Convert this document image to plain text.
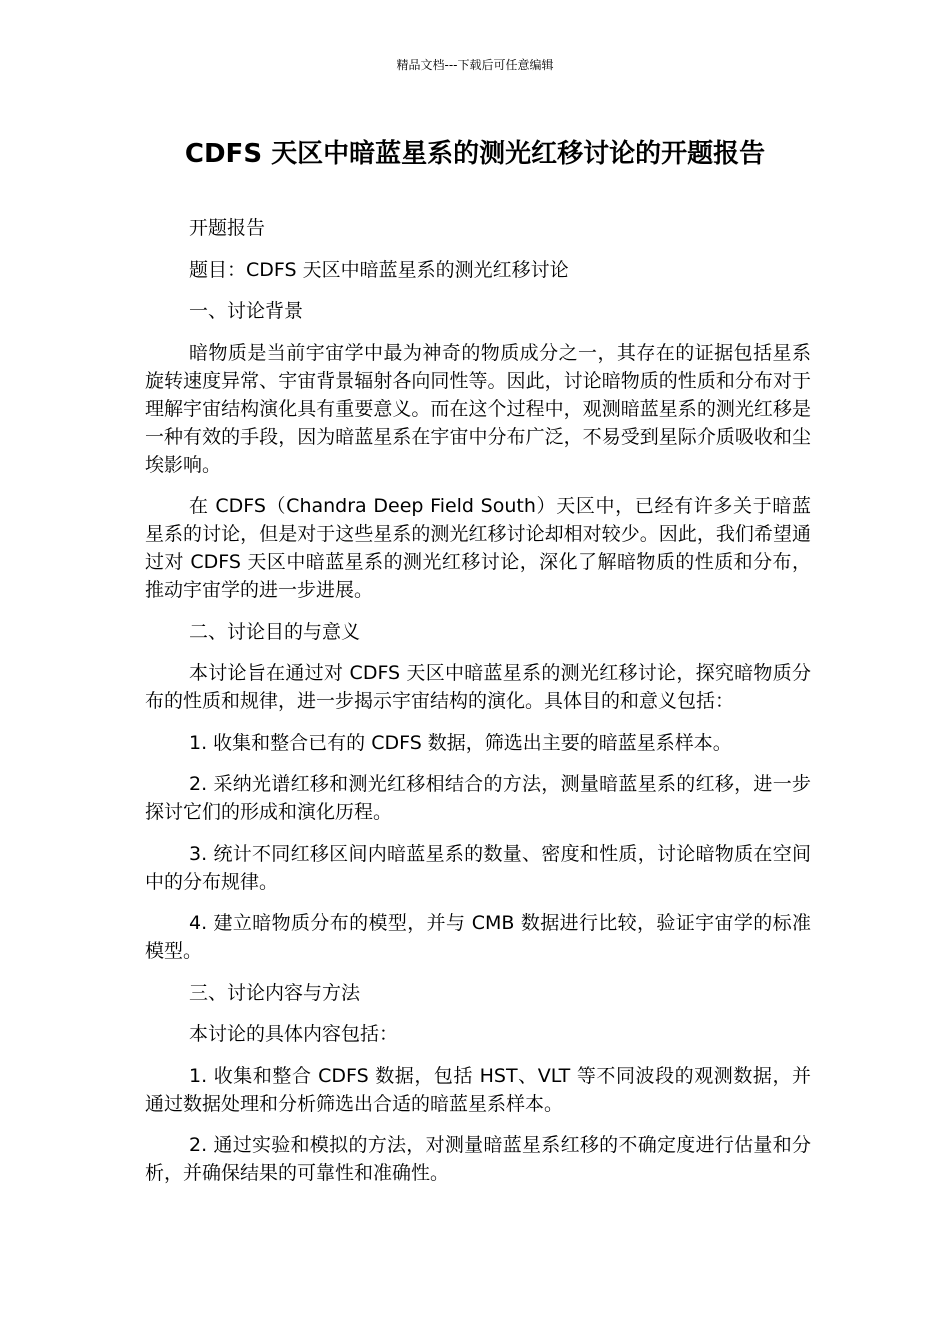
精品文档---下载后可任意编辑
CDFS 天区中暗蓝星系的测光红移讨论的开题报告

开题报告

题目：CDFS 天区中暗蓝星系的测光红移讨论

一、讨论背景

暗物质是当前宇宙学中最为神奇的物质成分之一，其存在的证据包括星系旋转速度异常、宇宙背景辐射各向同性等。因此，讨论暗物质的性质和分布对于理解宇宙结构演化具有重要意义。而在这个过程中，观测暗蓝星系的测光红移是一种有效的手段，因为暗蓝星系在宇宙中分布广泛，不易受到星际介质吸收和尘埃影响。

在 CDFS（Chandra Deep Field South）天区中，已经有许多关于暗蓝星系的讨论，但是对于这些星系的测光红移讨论却相对较少。因此，我们希望通过对 CDFS 天区中暗蓝星系的测光红移讨论，深化了解暗物质的性质和分布，推动宇宙学的进一步进展。

二、讨论目的与意义

本讨论旨在通过对 CDFS 天区中暗蓝星系的测光红移讨论，探究暗物质分布的性质和规律，进一步揭示宇宙结构的演化。具体目的和意义包括：

1. 收集和整合已有的 CDFS 数据，筛选出主要的暗蓝星系样本。

2. 采纳光谱红移和测光红移相结合的方法，测量暗蓝星系的红移，进一步探讨它们的形成和演化历程。

3. 统计不同红移区间内暗蓝星系的数量、密度和性质，讨论暗物质在空间中的分布规律。

4. 建立暗物质分布的模型，并与 CMB 数据进行比较，验证宇宙学的标准模型。

三、讨论内容与方法

本讨论的具体内容包括：

1. 收集和整合 CDFS 数据，包括 HST、VLT 等不同波段的观测数据，并通过数据处理和分析筛选出合适的暗蓝星系样本。

2. 通过实验和模拟的方法，对测量暗蓝星系红移的不确定度进行估量和分析，并确保结果的可靠性和准确性。
